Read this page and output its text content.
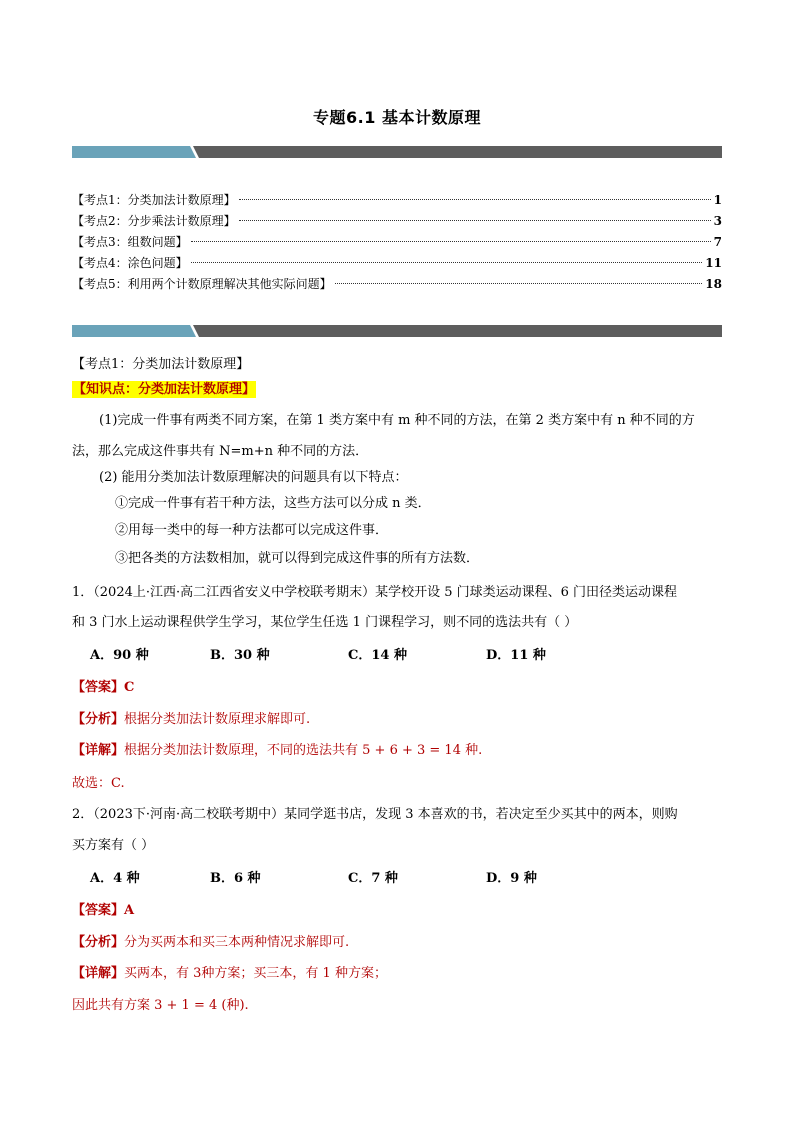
专题6.1 基本计数原理
【考点1：分类加法计数原理】	1
【考点2：分步乘法计数原理】	3
【考点3：组数问题】	7
【考点4：涂色问题】	11
【考点5：利用两个计数原理解决其他实际问题】	18
【考点1：分类加法计数原理】
【知识点：分类加法计数原理】
(1)完成一件事有两类不同方案，在第 1 类方案中有 m 种不同的方法，在第 2 类方案中有 n 种不同的方
法，那么完成这件事共有 N=m+n 种不同的方法．
(2) 能用分类加法计数原理解决的问题具有以下特点：
①完成一件事有若干种方法，这些方法可以分成 n 类．
②用每一类中的每一种方法都可以完成这件事．
③把各类的方法数相加，就可以得到完成这件事的所有方法数．
1．（2024上·江西·高二江西省安义中学校联考期末）某学校开设 5 门球类运动课程、6 门田径类运动课程
和 3 门水上运动课程供学生学习，某位学生任选 1 门课程学习，则不同的选法共有（ ）
A．90 种	B．30 种	C．14 种	D．11 种
【答案】C
【分析】根据分类加法计数原理求解即可.
【详解】根据分类加法计数原理，不同的选法共有 5 + 6 + 3 = 14 种.
故选：C.
2．（2023下·河南·高二校联考期中）某同学逛书店，发现 3 本喜欢的书，若决定至少买其中的两本，则购
买方案有（ ）
A．4 种	B．6 种	C．7 种	D．9 种
【答案】A
【分析】分为买两本和买三本两种情况求解即可.
【详解】买两本，有 3种方案；买三本，有 1 种方案；
因此共有方案 3 + 1 = 4 (种).
